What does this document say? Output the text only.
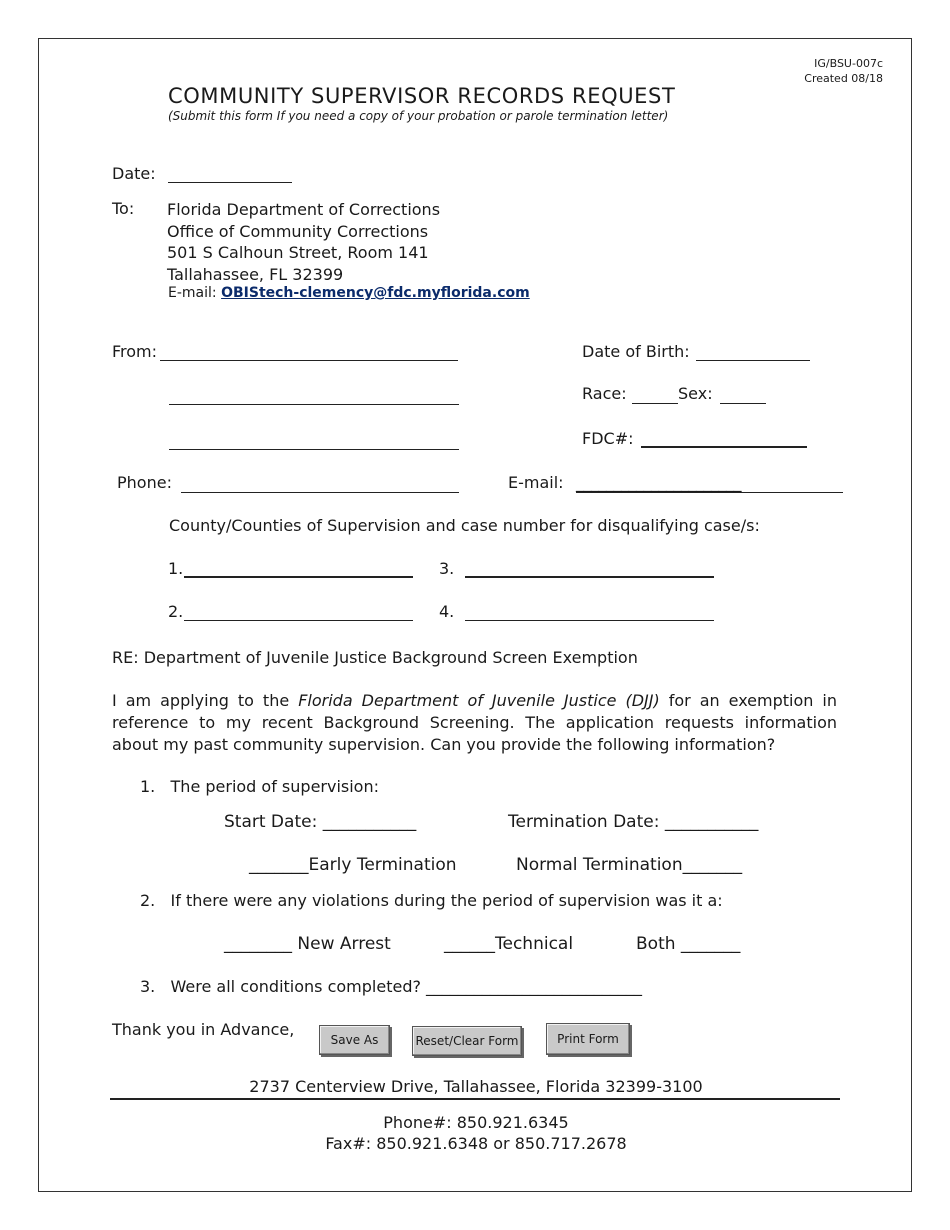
IG/BSU-007c
Created 08/18
COMMUNITY SUPERVISOR RECORDS REQUEST
(Submit this form If you need a copy of your probation or parole termination letter)
Date:
To: Florida Department of Corrections
Office of Community Corrections
501 S Calhoun Street, Room 141
Tallahassee, FL 32399
E-mail: OBIStech-clemency@fdc.myflorida.com
From:	Date of Birth:
Race:	Sex:
FDC#:
Phone:	E-mail: ______________________
County/Counties of Supervision and case number for disqualifying case/s:
1.	3.
2.	4.
RE: Department of Juvenile Justice Background Screen Exemption
I am applying to the Florida Department of Juvenile Justice (DJJ) for an exemption in reference to my recent Background Screening. The application requests information about my past community supervision. Can you provide the following information?
1.   The period of supervision:
Start Date: ___________	Termination Date: ___________
_______Early Termination	Normal Termination_______
2.   If there were any violations during the period of supervision was it a:
________ New Arrest	______Technical	Both _______
3.   Were all conditions completed? ___________________________
Thank you in Advance,
Save As	Reset/Clear Form	Print Form
2737 Centerview Drive, Tallahassee, Florida 32399-3100
Phone#: 850.921.6345
Fax#: 850.921.6348 or 850.717.2678
